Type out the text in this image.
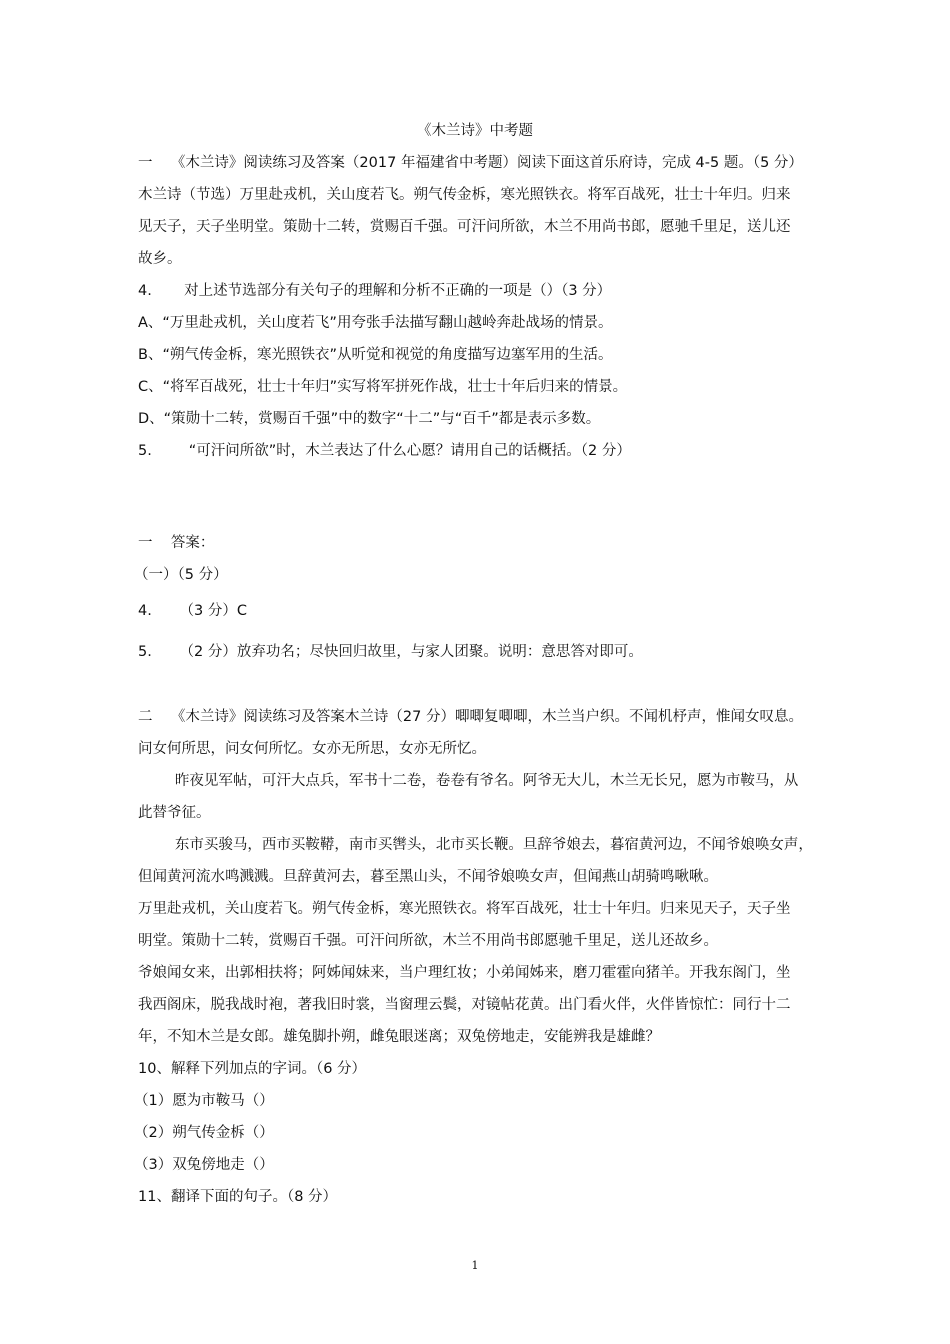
《木兰诗》中考题
一    《木兰诗》阅读练习及答案（2017 年福建省中考题）阅读下面这首乐府诗，完成 4-5 题。（5 分）
木兰诗（节选）万里赴戎机，关山度若飞。朔气传金柝，寒光照铁衣。将军百战死，壮士十年归。归来
见天子，天子坐明堂。策勋十二转，赏赐百千强。可汗问所欲，木兰不用尚书郎，愿驰千里足，送儿还
故乡。
4.       对上述节选部分有关句子的理解和分析不正确的一项是（）（3 分）
A、“万里赴戎机，关山度若飞”用夸张手法描写翻山越岭奔赴战场的情景。
B、“朔气传金柝，寒光照铁衣”从听觉和视觉的角度描写边塞军用的生活。
C、“将军百战死，壮士十年归”实写将军拼死作战，壮士十年后归来的情景。
D、“策勋十二转，赏赐百千强”中的数字“十二”与“百千”都是表示多数。
5.        “可汗问所欲”时，木兰表达了什么心愿？请用自己的话概括。（2 分）
一    答案：
（一）（5 分）
4.      （3 分）C
5.      （2 分）放弃功名；尽快回归故里，与家人团聚。说明：意思答对即可。
二    《木兰诗》阅读练习及答案木兰诗（27 分）唧唧复唧唧，木兰当户织。不闻机杼声，惟闻女叹息。
问女何所思，问女何所忆。女亦无所思，女亦无所忆。
昨夜见军帖，可汗大点兵，军书十二卷，卷卷有爷名。阿爷无大儿，木兰无长兄，愿为市鞍马，从
此替爷征。
东市买骏马，西市买鞍鞯，南市买辔头，北市买长鞭。旦辞爷娘去，暮宿黄河边，不闻爷娘唤女声，
但闻黄河流水鸣溅溅。旦辞黄河去，暮至黑山头，不闻爷娘唤女声，但闻燕山胡骑鸣啾啾。
万里赴戎机，关山度若飞。朔气传金柝，寒光照铁衣。将军百战死，壮士十年归。归来见天子，天子坐
明堂。策勋十二转，赏赐百千强。可汗问所欲，木兰不用尚书郎愿驰千里足，送儿还故乡。
爷娘闻女来，出郭相扶将；阿姊闻妹来，当户理红妆；小弟闻姊来，磨刀霍霍向猪羊。开我东阁门，坐
我西阁床，脱我战时袍，著我旧时裳，当窗理云鬓，对镜帖花黄。出门看火伴，火伴皆惊忙：同行十二
年，不知木兰是女郎。雄兔脚扑朔，雌兔眼迷离；双兔傍地走，安能辨我是雄雌？
10、解释下列加点的字词。（6 分）
（1）愿为市鞍马（）
（2）朔气传金柝（）
（3）双兔傍地走（）
11、翻译下面的句子。（8 分）
1
